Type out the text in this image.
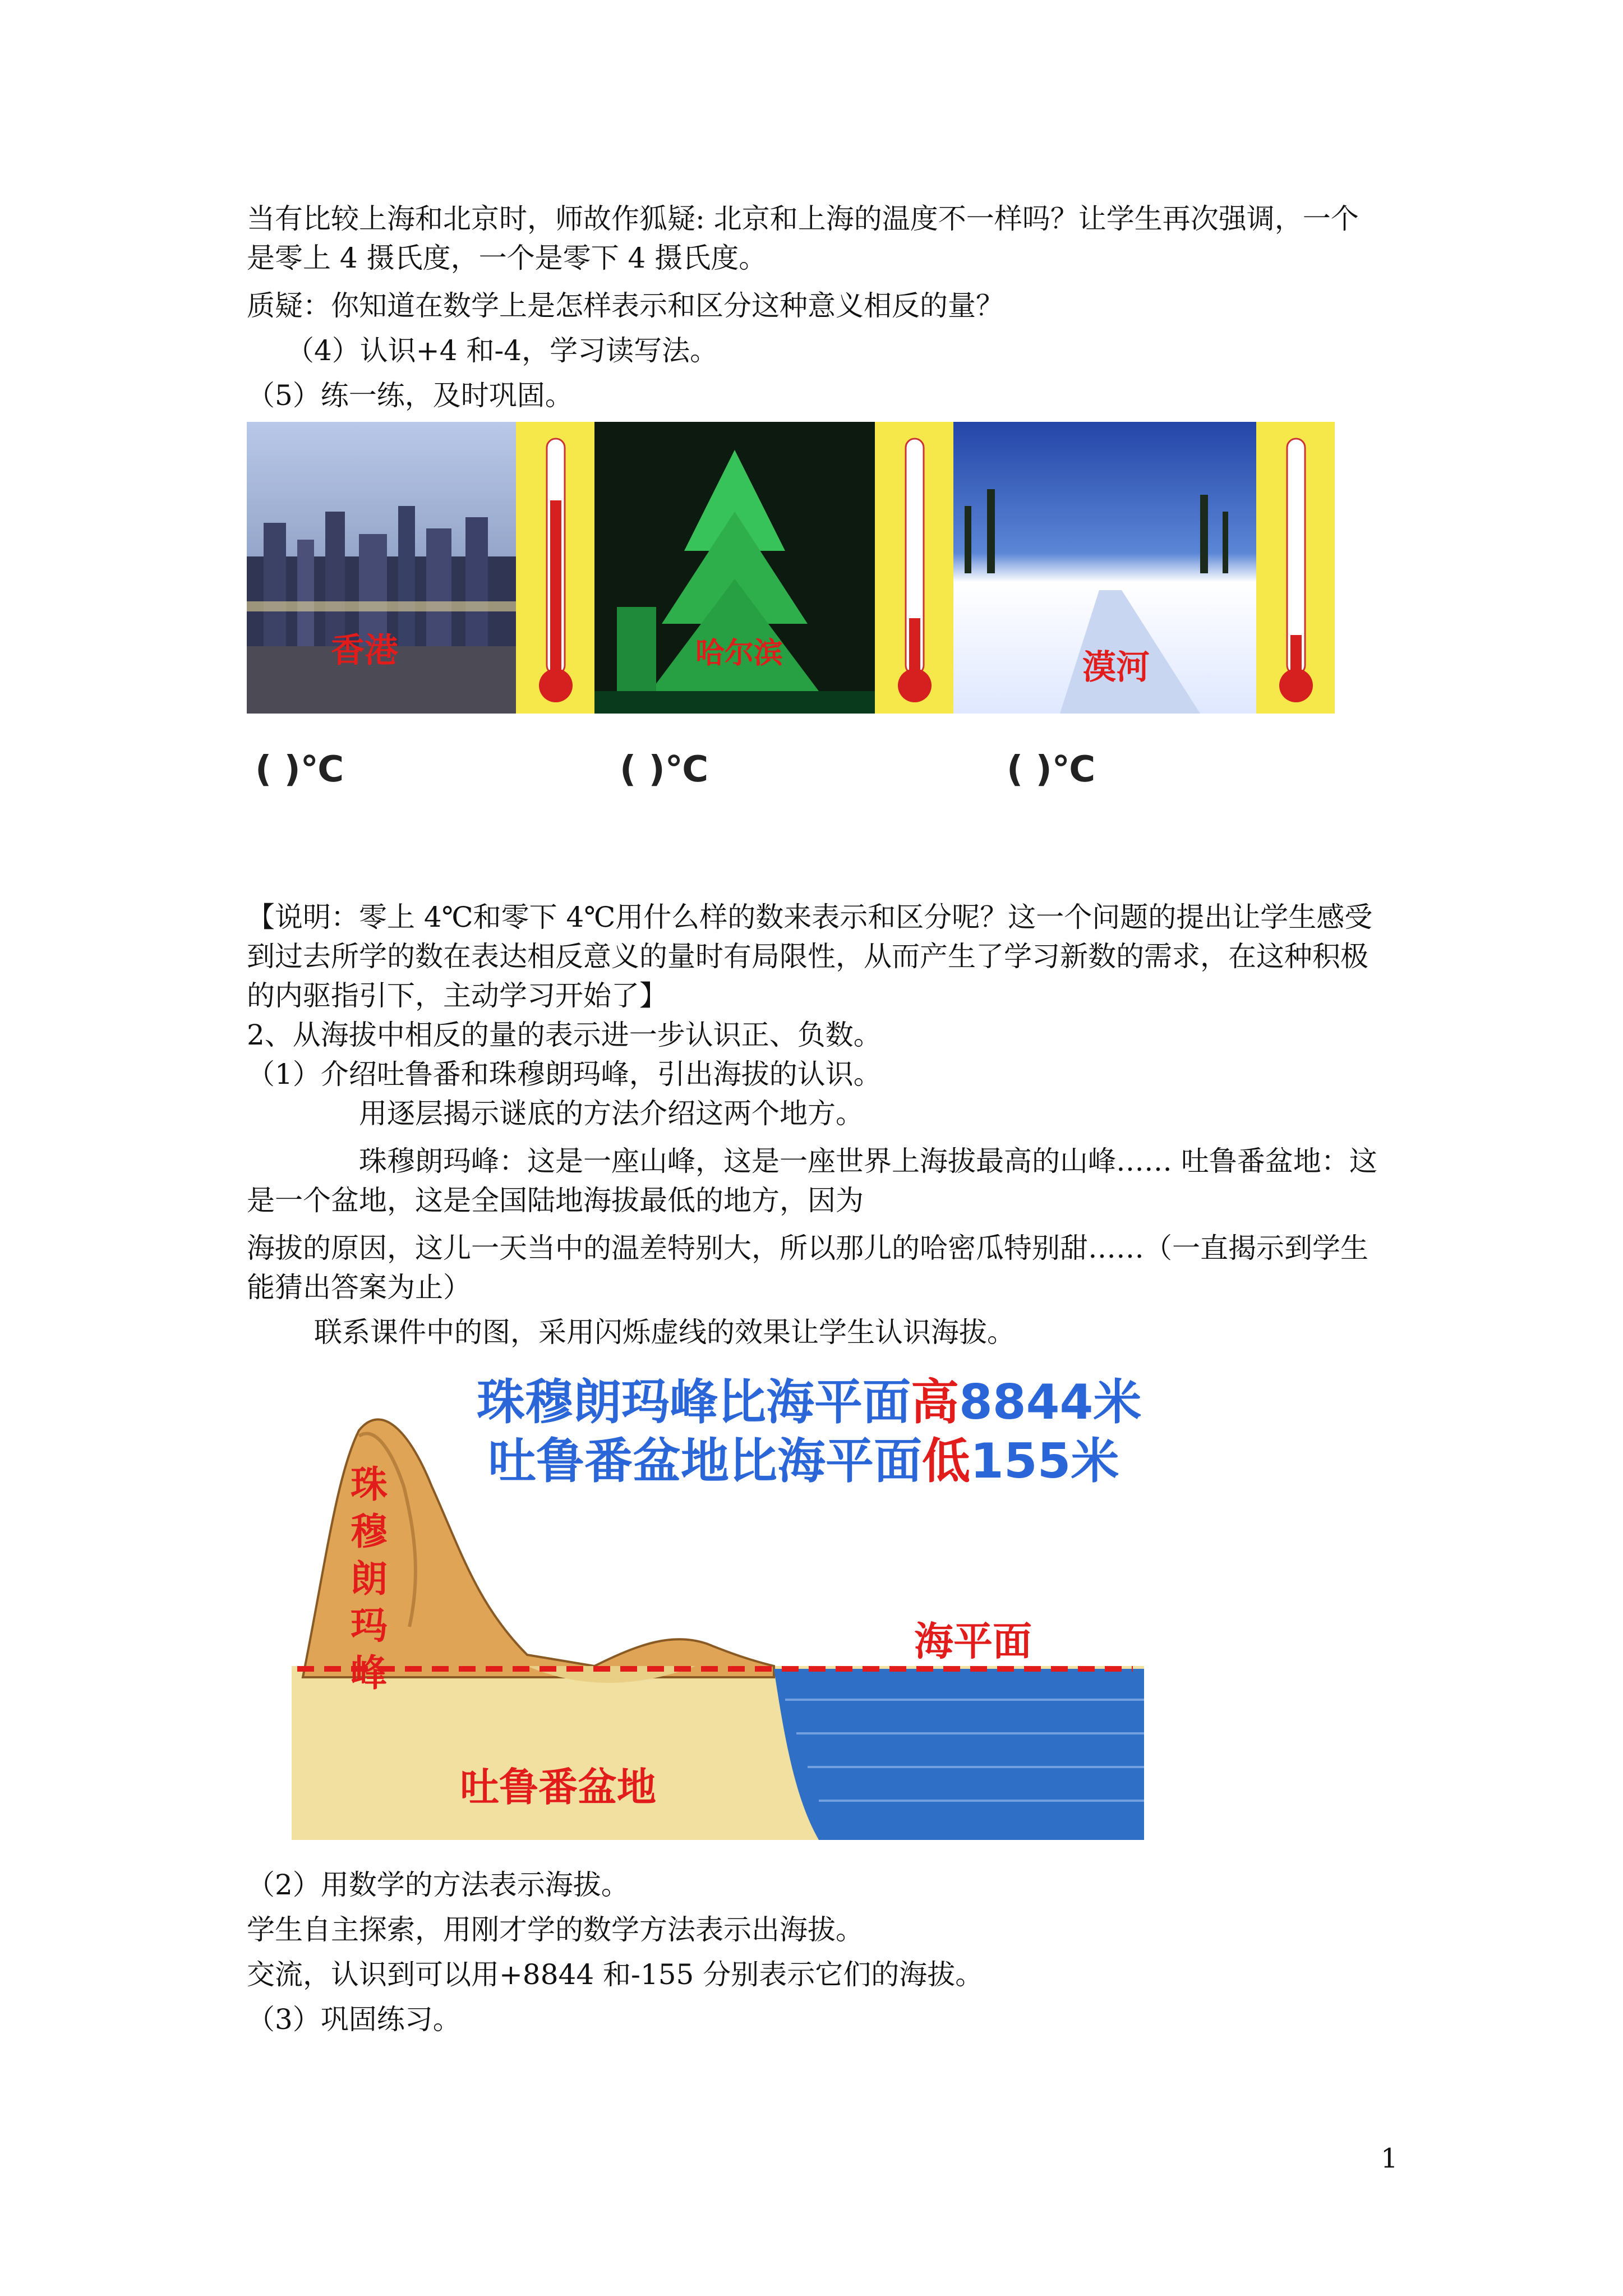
当有比较上海和北京时，师故作狐疑: 北京和上海的温度不一样吗？让学生再次强调，一个
是零上 4 摄氏度，一个是零下 4 摄氏度。
质疑：你知道在数学上是怎样表示和区分这种意义相反的量？
（4）认识+4 和-4，学习读写法。
（5）练一练，及时巩固。
香港	哈尔滨	漠河
( )℃	( )℃	( )℃
【说明：零上 4℃和零下 4℃用什么样的数来表示和区分呢？这一个问题的提出让学生感受
到过去所学的数在表达相反意义的量时有局限性，从而产生了学习新数的需求，在这种积极
的内驱指引下，主动学习开始了】
2、从海拔中相反的量的表示进一步认识正、负数。
（1）介绍吐鲁番和珠穆朗玛峰，引出海拔的认识。
用逐层揭示谜底的方法介绍这两个地方。
珠穆朗玛峰：这是一座山峰，这是一座世界上海拔最高的山峰…… 吐鲁番盆地：这
是一个盆地，这是全国陆地海拔最低的地方，因为
海拔的原因，这儿一天当中的温差特别大，所以那儿的哈密瓜特别甜……（一直揭示到学生
能猜出答案为止）
联系课件中的图，采用闪烁虚线的效果让学生认识海拔。
珠穆朗玛峰比海平面高8844米
吐鲁番盆地比海平面低155米
珠穆朗玛峰
海平面
吐鲁番盆地
（2）用数学的方法表示海拔。
学生自主探索，用刚才学的数学方法表示出海拔。
交流，认识到可以用+8844 和-155 分别表示它们的海拔。
（3）巩固练习。
1
